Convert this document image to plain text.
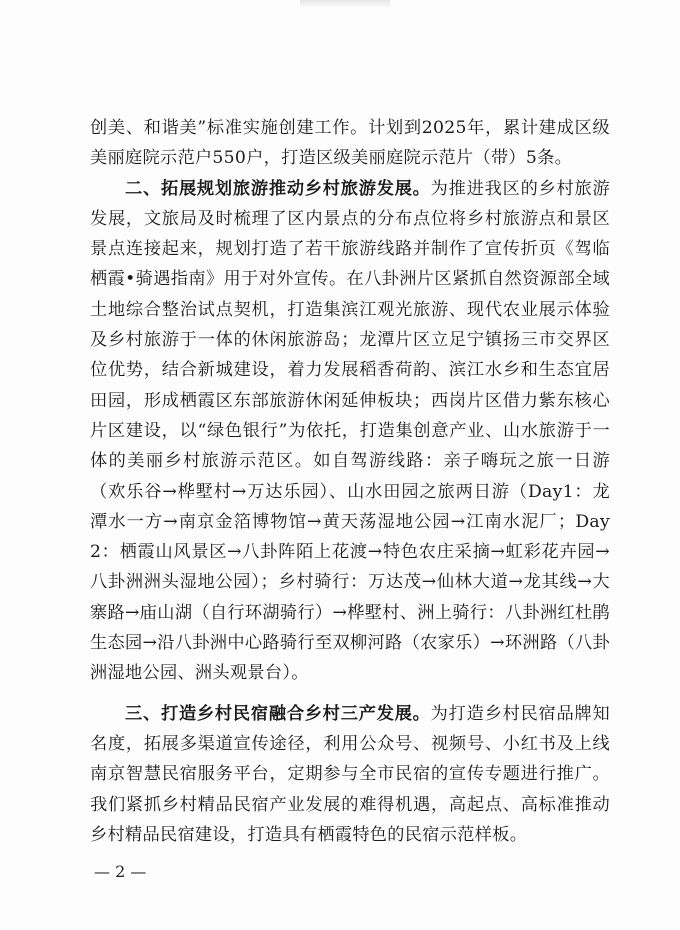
创美、和谐美”标准实施创建工作。计划到2025年，累计建成区级美丽庭院示范户550户，打造区级美丽庭院示范片（带）5条。

二、拓展规划旅游推动乡村旅游发展。为推进我区的乡村旅游发展，文旅局及时梳理了区内景点的分布点位将乡村旅游点和景区景点连接起来，规划打造了若干旅游线路并制作了宣传折页《驾临栖霞•骑遇指南》用于对外宣传。在八卦洲片区紧抓自然资源部全域土地综合整治试点契机，打造集滨江观光旅游、现代农业展示体验及乡村旅游于一体的休闲旅游岛；龙潭片区立足宁镇扬三市交界区位优势，结合新城建设，着力发展稻香荷韵、滨江水乡和生态宜居田园，形成栖霞区东部旅游休闲延伸板块；西岗片区借力紫东核心片区建设，以“绿色银行”为依托，打造集创意产业、山水旅游于一体的美丽乡村旅游示范区。如自驾游线路：亲子嗨玩之旅一日游（欢乐谷→桦墅村→万达乐园）、山水田园之旅两日游（Day1：龙潭水一方→南京金箔博物馆→黄天荡湿地公园→江南水泥厂；Day2：栖霞山风景区→八卦阵陌上花渡→特色农庄采摘→虹彩花卉园→八卦洲洲头湿地公园）；乡村骑行：万达茂→仙林大道→龙其线→大寨路→庙山湖（自行环湖骑行）→桦墅村、洲上骑行：八卦洲红杜鹃生态园→沿八卦洲中心路骑行至双柳河路（农家乐）→环洲路（八卦洲湿地公园、洲头观景台）。

三、打造乡村民宿融合乡村三产发展。为打造乡村民宿品牌知名度，拓展多渠道宣传途径，利用公众号、视频号、小红书及上线南京智慧民宿服务平台，定期参与全市民宿的宣传专题进行推广。我们紧抓乡村精品民宿产业发展的难得机遇，高起点、高标准推动乡村精品民宿建设，打造具有栖霞特色的民宿示范样板。

— 2 —
